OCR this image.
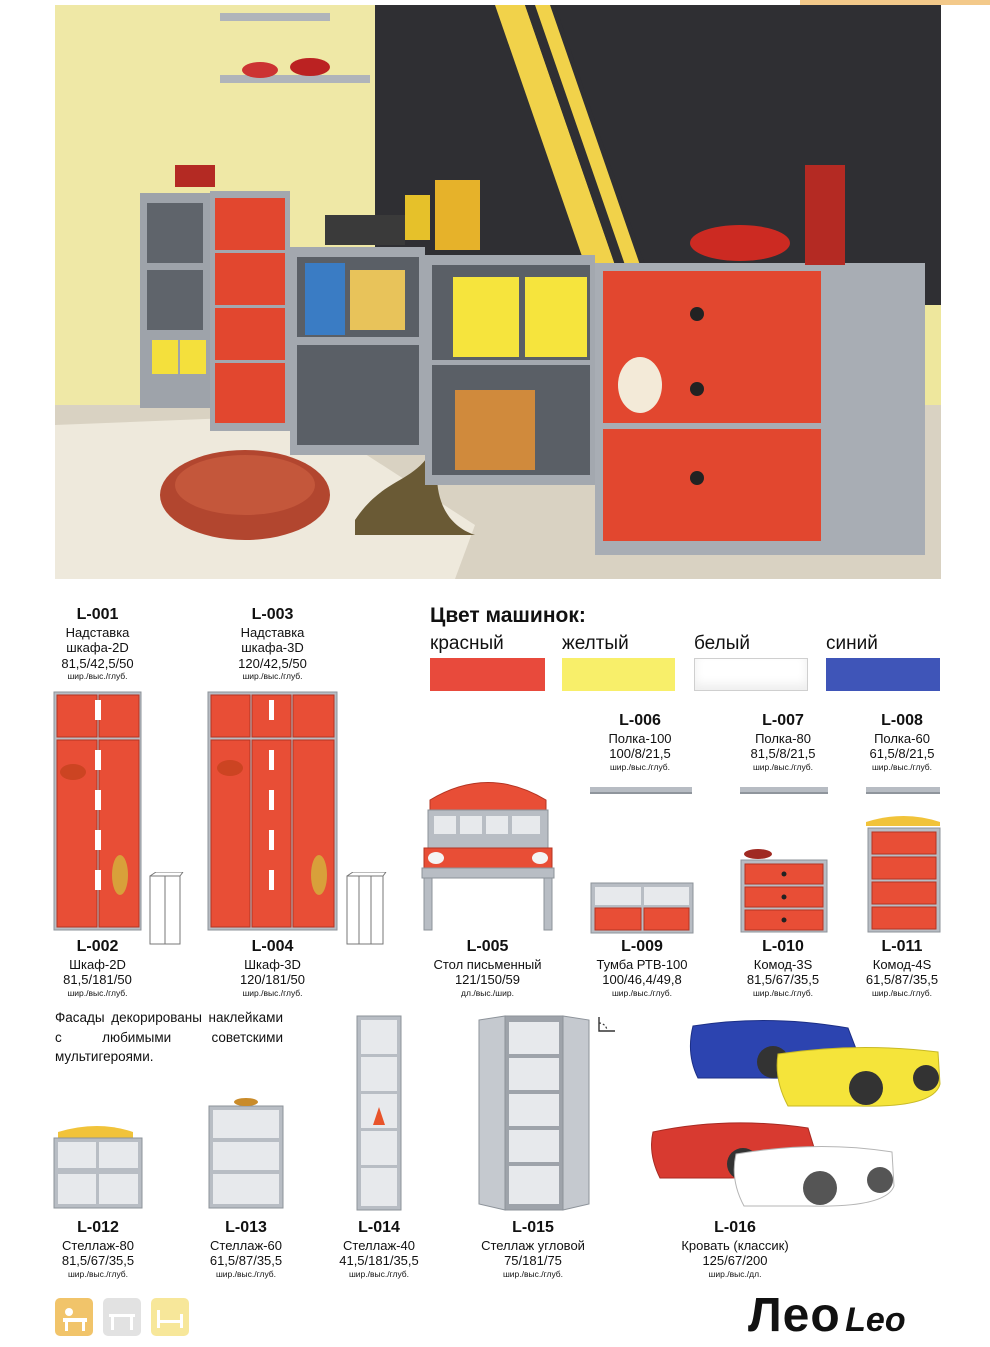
Цвет машинок:
красный	желтый	белый	синий
L-001
Надставка шкафа-2D
81,5/42,5/50
шир./выс./глуб.
L-003
Надставка шкафа-3D
120/42,5/50
шир./выс./глуб.
L-006
Полка-100
100/8/21,5
шир./выс./глуб.
L-007
Полка-80
81,5/8/21,5
шир./выс./глуб.
L-008
Полка-60
61,5/8/21,5
шир./выс./глуб.
L-002
Шкаф-2D
81,5/181/50
шир./выс./глуб.
L-004
Шкаф-3D
120/181/50
шир./выс./глуб.
L-005
Стол письменный
121/150/59
дл./выс./шир.
L-009
Тумба РТВ-100
100/46,4/49,8
шир./выс./глуб.
L-010
Комод-3S
81,5/67/35,5
шир./выс./глуб.
L-011
Комод-4S
61,5/87/35,5
шир./выс./глуб.
L-012
Стеллаж-80
81,5/67/35,5
шир./выс./глуб.
L-013
Стеллаж-60
61,5/87/35,5
шир./выс./глуб.
L-014
Стеллаж-40
41,5/181/35,5
шир./выс./глуб.
L-015
Стеллаж угловой
75/181/75
шир./выс./глуб.
L-016
Кровать (классик)
125/67/200
шир./выс./дл.
Фасады декорированы наклейками с любимыми советскими мультигероями.
Лео Leo
